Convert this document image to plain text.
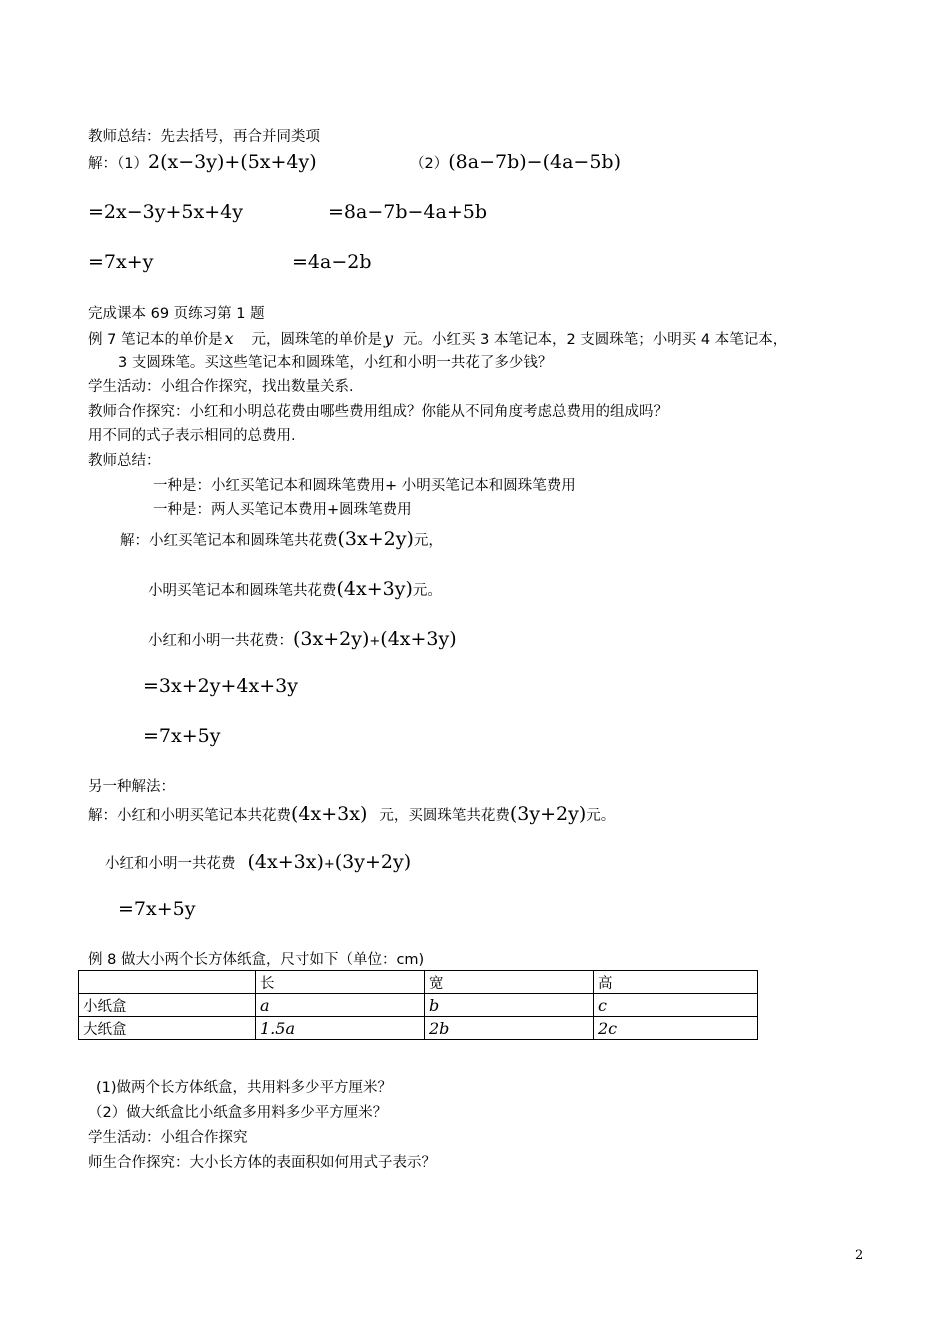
教师总结：先去括号，再合并同类项
解：（1）2(x−3y)+(5x+4y)	（2）(8a−7b)−(4a−5b)
=2x−3y+5x+4y	=8a−7b−4a+5b
=7x+y	=4a−2b
完成课本 69 页练习第 1 题
例 7 笔记本的单价是 x 元，圆珠笔的单价是 y 元。小红买 3 本笔记本，2 支圆珠笔；小明买 4 本笔记本，
3 支圆珠笔。买这些笔记本和圆珠笔，小红和小明一共花了多少钱？
学生活动：小组合作探究，找出数量关系.
教师合作探究：小红和小明总花费由哪些费用组成？你能从不同角度考虑总费用的组成吗？
用不同的式子表示相同的总费用.
教师总结：
一种是：小红买笔记本和圆珠笔费用+ 小明买笔记本和圆珠笔费用
一种是：两人买笔记本费用+圆珠笔费用
解：小红买笔记本和圆珠笔共花费(3x+2y)元，
小明买笔记本和圆珠笔共花费(4x+3y)元。
小红和小明一共花费：(3x+2y)+(4x+3y)
=3x+2y+4x+3y
=7x+5y
另一种解法：
解：小红和小明买笔记本共花费(4x+3x) 元，买圆珠笔共花费(3y+2y)元。
小红和小明一共花费 (4x+3x)+(3y+2y)
=7x+5y
例 8 做大小两个长方体纸盒，尺寸如下（单位：cm)
	长	宽	高
小纸盒	a	b	c
大纸盒	1.5a	2b	2c
(1)做两个长方体纸盒，共用料多少平方厘米？
（2）做大纸盒比小纸盒多用料多少平方厘米？
学生活动：小组合作探究
师生合作探究：大小长方体的表面积如何用式子表示？
2
